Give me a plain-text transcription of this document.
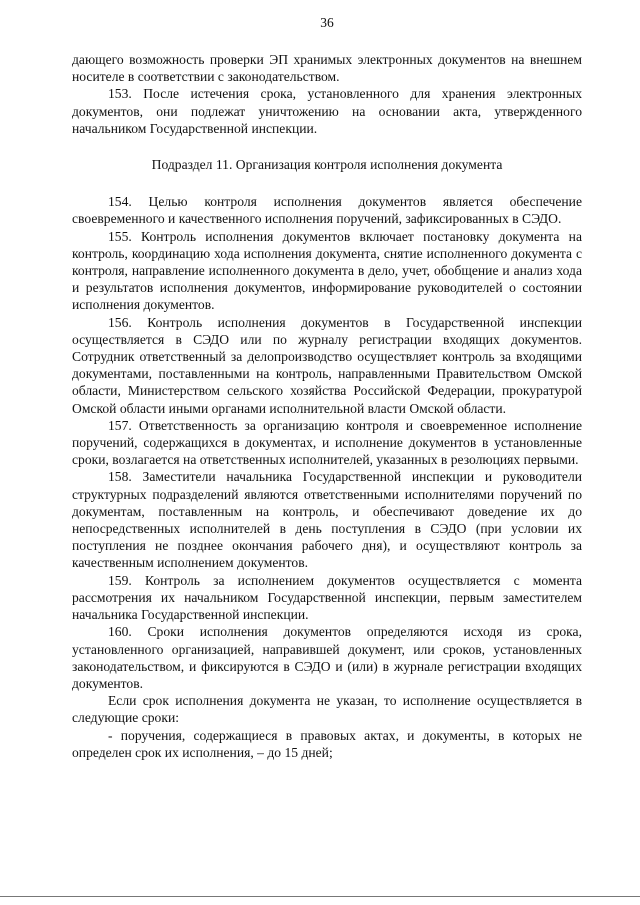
36

дающего возможность проверки ЭП хранимых электронных документов на внешнем носителе в соответствии с законодательством.

153. После истечения срока, установленного для хранения электронных документов, они подлежат уничтожению на основании акта, утвержденного начальником Государственной инспекции.

Подраздел 11. Организация контроля исполнения документа

154. Целью контроля исполнения документов является обеспечение своевременного и качественного исполнения поручений, зафиксированных в СЭДО.

155. Контроль исполнения документов включает постановку документа на контроль, координацию хода исполнения документа, снятие исполненного документа с контроля, направление исполненного документа в дело, учет, обобщение и анализ хода и результатов исполнения документов, информирование руководителей о состоянии исполнения документов.

156. Контроль исполнения документов в Государственной инспекции осуществляется в СЭДО или по журналу регистрации входящих документов. Сотрудник ответственный за делопроизводство осуществляет контроль за входящими документами, поставленными на контроль, направленными Правительством Омской области, Министерством сельского хозяйства Российской Федерации, прокуратурой Омской области иными органами исполнительной власти Омской области.

157. Ответственность за организацию контроля и своевременное исполнение поручений, содержащихся в документах, и исполнение документов в установленные сроки, возлагается на ответственных исполнителей, указанных в резолюциях первыми.

158. Заместители начальника Государственной инспекции и руководители структурных подразделений являются ответственными исполнителями поручений по документам, поставленным на контроль, и обеспечивают доведение их до непосредственных исполнителей в день поступления в СЭДО (при условии их поступления не позднее окончания рабочего дня), и осуществляют контроль за качественным исполнением документов.

159. Контроль за исполнением документов осуществляется с момента рассмотрения их начальником Государственной инспекции, первым заместителем начальника Государственной инспекции.

160. Сроки исполнения документов определяются исходя из срока, установленного организацией, направившей документ, или сроков, установленных законодательством, и фиксируются в СЭДО и (или) в журнале регистрации входящих документов.

Если срок исполнения документа не указан, то исполнение осуществляется в следующие сроки:

- поручения, содержащиеся в правовых актах, и документы, в которых не определен срок их исполнения, – до 15 дней;
